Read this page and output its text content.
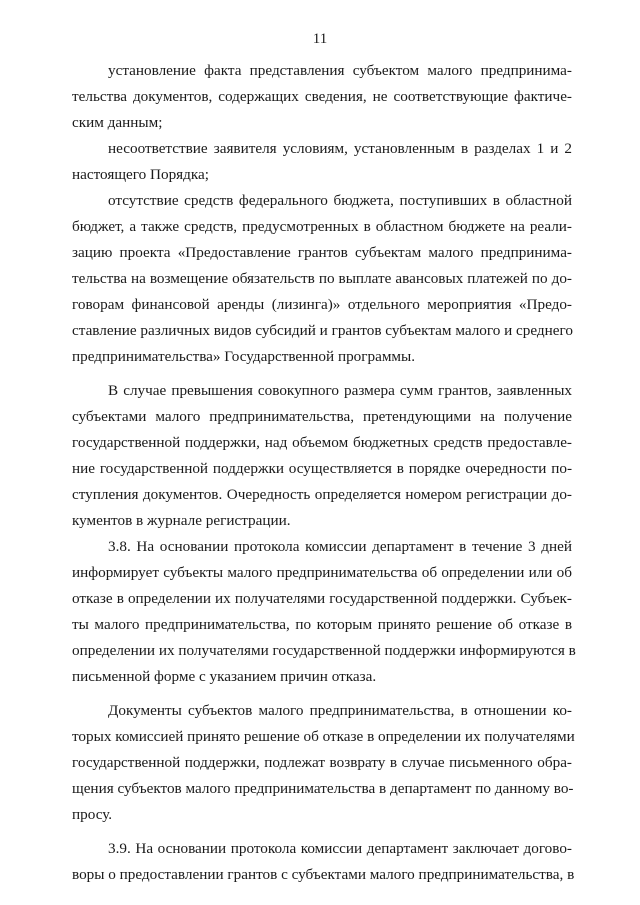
11
установление факта представления субъектом малого предпринима-
тельства документов, содержащих сведения, не соответствующие фактиче-
ским данным;
несоответствие заявителя условиям, установленным в разделах 1 и 2
настоящего Порядка;
отсутствие средств федерального бюджета, поступивших в областной
бюджет, а также средств, предусмотренных в областном бюджете на реали-
зацию проекта «Предоставление грантов субъектам малого предпринима-
тельства на возмещение обязательств по выплате авансовых платежей по до-
говорам финансовой аренды (лизинга)» отдельного мероприятия «Предо-
ставление различных видов субсидий и грантов субъектам малого и среднего
предпринимательства» Государственной программы.
В случае превышения совокупного размера сумм грантов, заявленных
субъектами малого предпринимательства, претендующими на получение
государственной поддержки, над объемом бюджетных средств предоставле-
ние государственной поддержки осуществляется в порядке очередности по-
ступления документов. Очередность определяется номером регистрации до-
кументов в журнале регистрации.
3.8. На основании протокола комиссии департамент в течение 3 дней
информирует субъекты малого предпринимательства об определении или об
отказе в определении их получателями государственной поддержки. Субъек-
ты малого предпринимательства, по которым принято решение об отказе в
определении их получателями государственной поддержки информируются в
письменной форме с указанием причин отказа.
Документы субъектов малого предпринимательства, в отношении ко-
торых комиссией принято решение об отказе в определении их получателями
государственной поддержки, подлежат возврату в случае письменного обра-
щения субъектов малого предпринимательства в департамент по данному во-
просу.
3.9. На основании протокола комиссии департамент заключает догово-
воры о предоставлении грантов с субъектами малого предпринимательства, в
